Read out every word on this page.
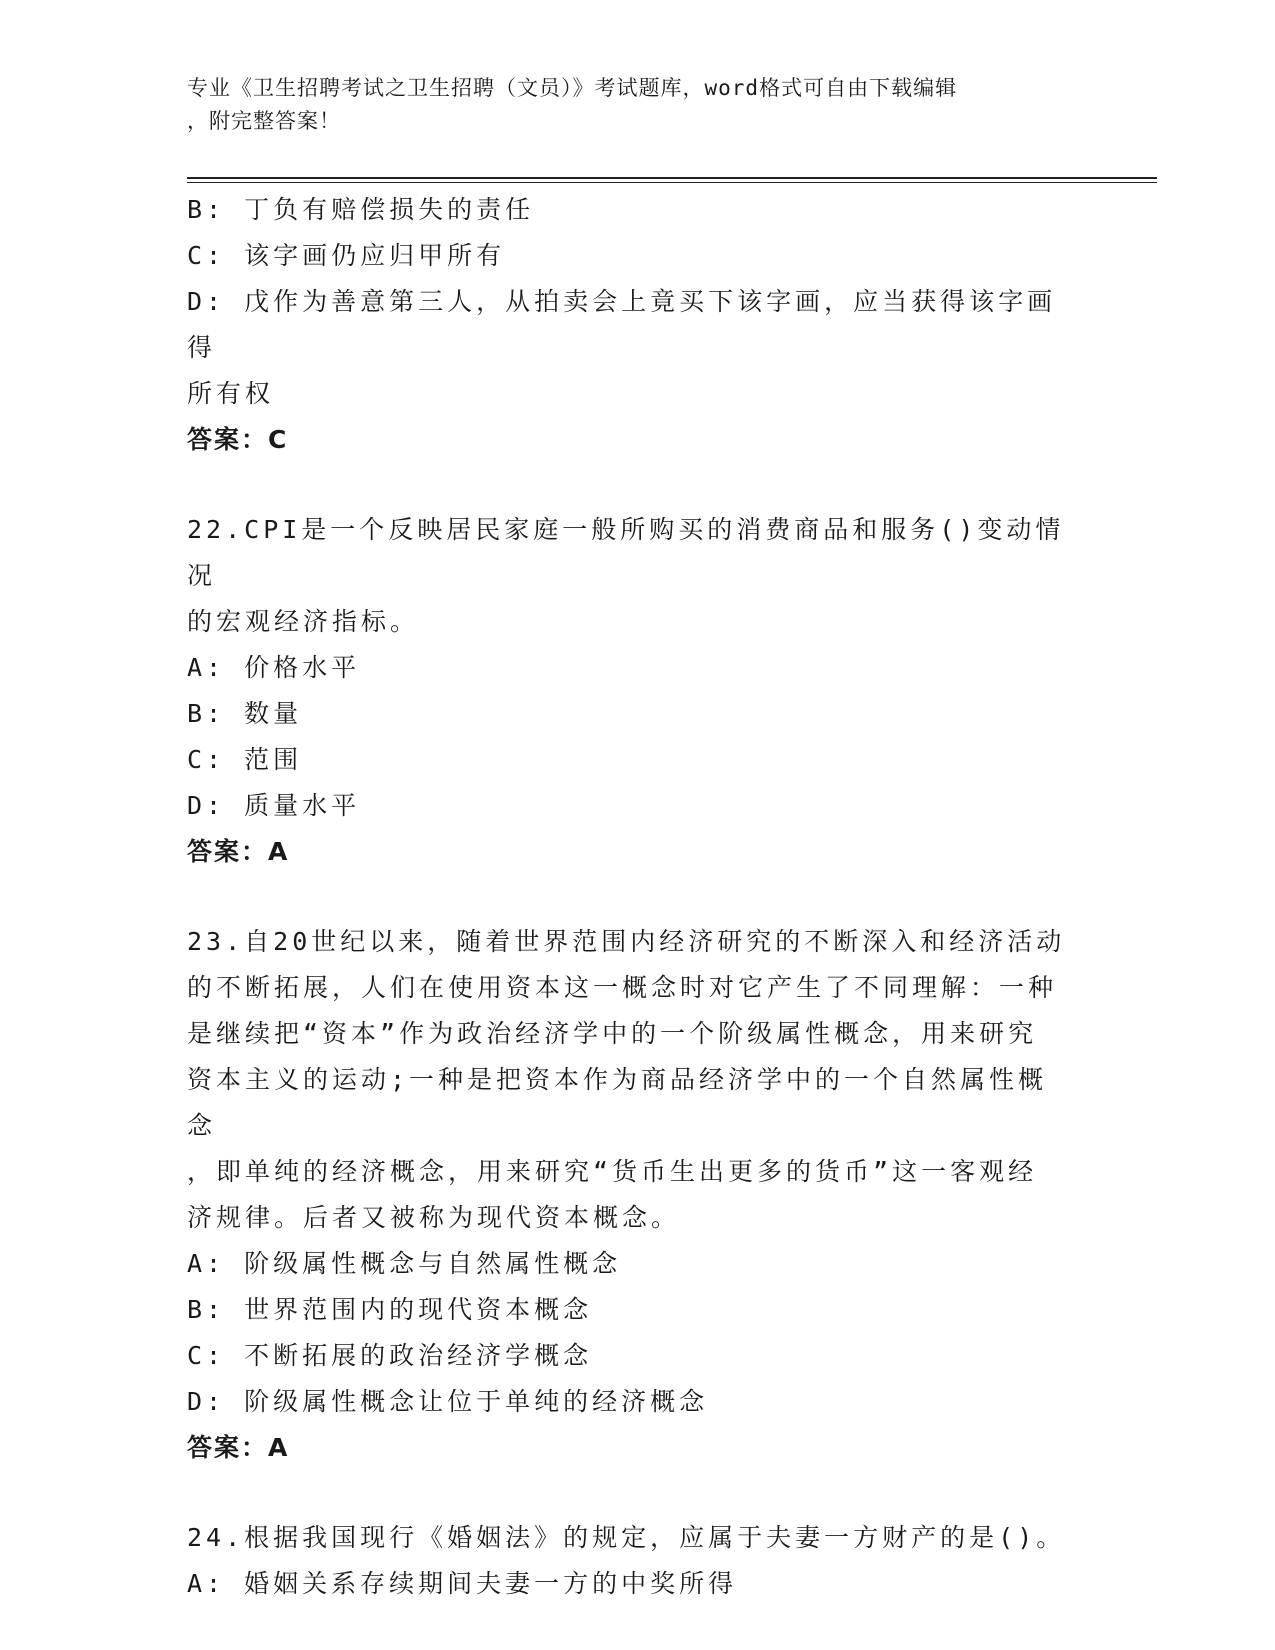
专业《卫生招聘考试之卫生招聘（文员）》考试题库，word格式可自由下载编辑
，附完整答案！
B: 丁负有赔偿损失的责任
C: 该字画仍应归甲所有
D: 戊作为善意第三人，从拍卖会上竟买下该字画，应当获得该字画得
所有权
答案：C
22.CPI是一个反映居民家庭一般所购买的消费商品和服务()变动情况
的宏观经济指标。
A: 价格水平
B: 数量
C: 范围
D: 质量水平
答案：A
23.自20世纪以来，随着世界范围内经济研究的不断深入和经济活动
的不断拓展，人们在使用资本这一概念时对它产生了不同理解：一种
是继续把“资本”作为政治经济学中的一个阶级属性概念，用来研究
资本主义的运动;一种是把资本作为商品经济学中的一个自然属性概念
，即单纯的经济概念，用来研究“货币生出更多的货币”这一客观经
济规律。后者又被称为现代资本概念。
A: 阶级属性概念与自然属性概念
B: 世界范围内的现代资本概念
C: 不断拓展的政治经济学概念
D: 阶级属性概念让位于单纯的经济概念
答案：A
24.根据我国现行《婚姻法》的规定，应属于夫妻一方财产的是()。
A: 婚姻关系存续期间夫妻一方的中奖所得
